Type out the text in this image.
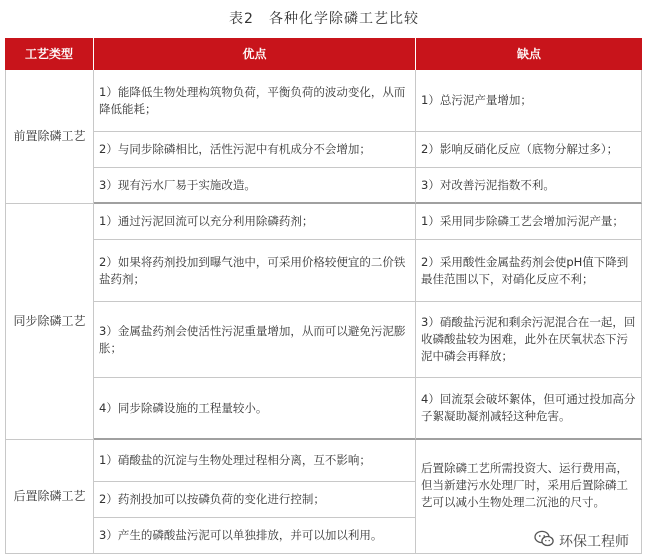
表2　各种化学除磷工艺比较
工艺类型	优点	缺点
前置除磷工艺	1）能降低生物处理构筑物负荷，平衡负荷的波动变化，从而降低能耗；	1）总污泥产量增加；
	2）与同步除磷相比，活性污泥中有机成分不会增加；	2）影响反硝化反应（底物分解过多）；
	3）现有污水厂易于实施改造。	3）对改善污泥指数不利。
同步除磷工艺	1）通过污泥回流可以充分利用除磷药剂；	1）采用同步除磷工艺会增加污泥产量；
	2）如果将药剂投加到曝气池中，可采用价格较便宜的二价铁盐药剂；	2）采用酸性金属盐药剂会使pH值下降到最佳范围以下，对硝化反应不利；
	3）金属盐药剂会使活性污泥重量增加，从而可以避免污泥膨胀；	3）硝酸盐污泥和剩余污泥混合在一起，回收磷酸盐较为困难，此外在厌氧状态下污泥中磷会再释放；
	4）同步除磷设施的工程量较小。	4）回流泵会破坏絮体，但可通过投加高分子絮凝助凝剂减轻这种危害。
后置除磷工艺	1）硝酸盐的沉淀与生物处理过程相分离，互不影响；	后置除磷工艺所需投资大、运行费用高，但当新建污水处理厂时，采用后置除磷工艺可以减小生物处理二沉池的尺寸。
	2）药剂投加可以按磷负荷的变化进行控制；	
	3）产生的磷酸盐污泥可以单独排放，并可以加以利用。		环保工程师
